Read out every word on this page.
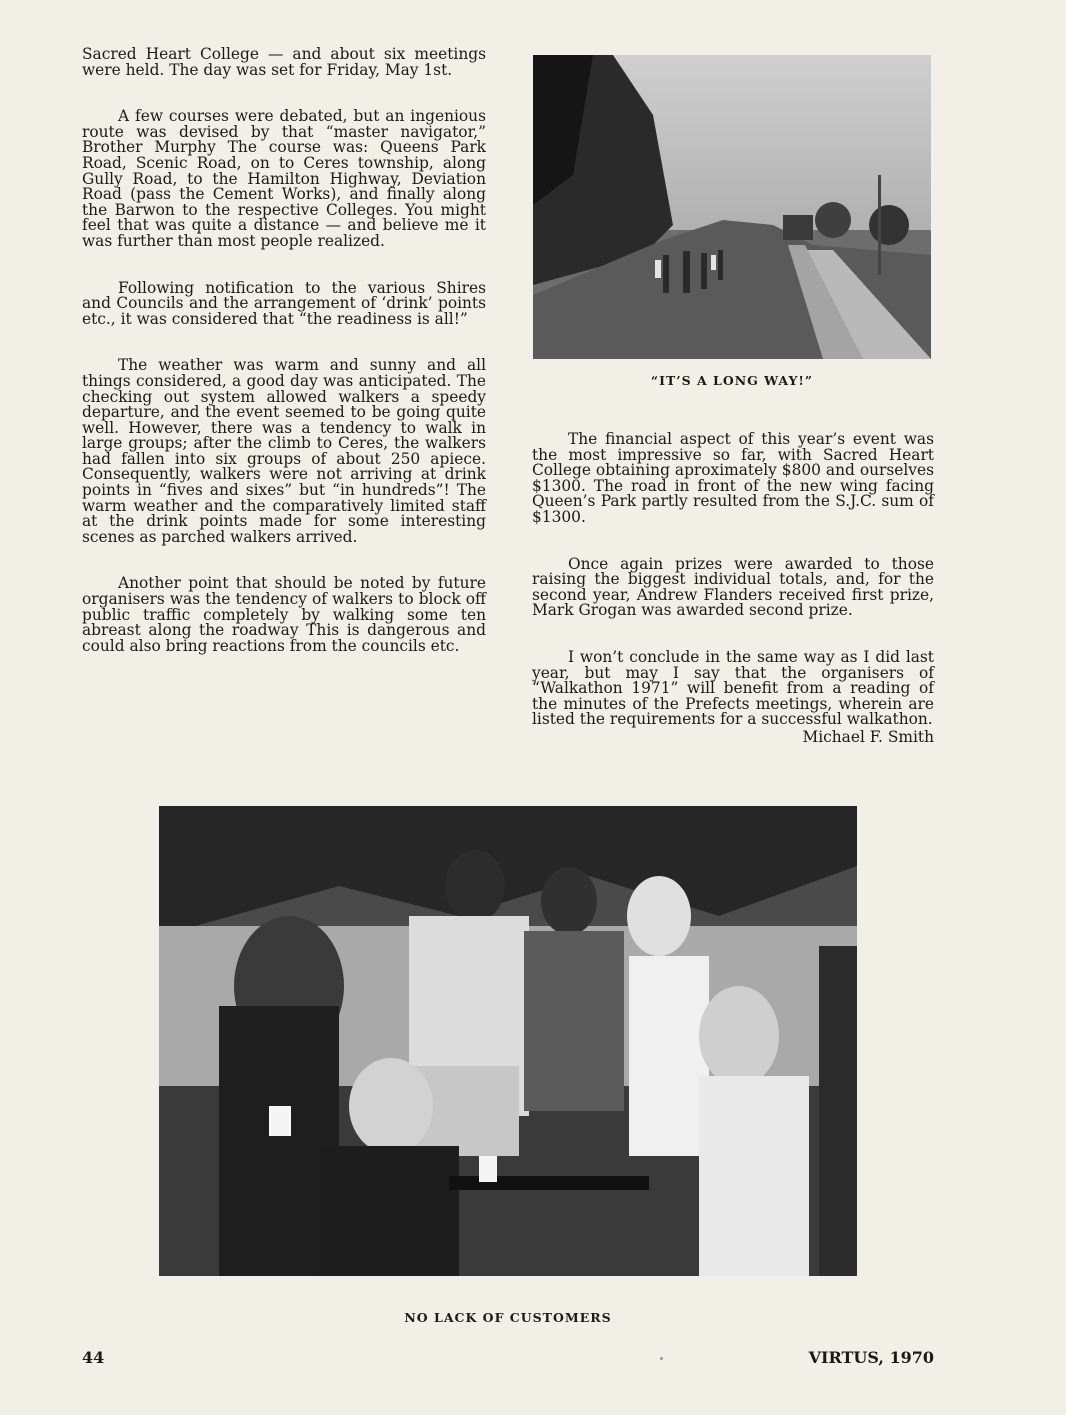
Sacred Heart College — and about six meetings were held. The day was set for Friday, May 1st.

A few courses were debated, but an ingenious route was devised by that “master navigator,” Brother Murphy The course was: Queens Park Road, Scenic Road, on to Ceres township, along Gully Road, to the Hamilton Highway, Deviation Road (pass the Cement Works), and finally along the Barwon to the respective Colleges. You might feel that was quite a distance — and believe me it was further than most people realized.

Following notification to the various Shires and Councils and the arrangement of ‘drink’ points etc., it was considered that “the readiness is all!”

The weather was warm and sunny and all things considered, a good day was anticipated. The checking out system allowed walkers a speedy departure, and the event seemed to be going quite well. However, there was a tendency to walk in large groups; after the climb to Ceres, the walkers had fallen into six groups of about 250 apiece. Consequently, walkers were not arriving at drink points in “fives and sixes” but “in hundreds”! The warm weather and the comparatively limited staff at the drink points made for some interesting scenes as parched walkers arrived.

Another point that should be noted by future organisers was the tendency of walkers to block off public traffic completely by walking some ten abreast along the roadway This is dangerous and could also bring reactions from the councils etc.

“IT’S A LONG WAY!”

The financial aspect of this year’s event was the most impressive so far, with Sacred Heart College obtaining aproximately $800 and ourselves $1300. The road in front of the new wing facing Queen’s Park partly resulted from the S.J.C. sum of $1300.

Once again prizes were awarded to those raising the biggest individual totals, and, for the second year, Andrew Flanders received first prize, Mark Grogan was awarded second prize.

I won’t conclude in the same way as I did last year, but may I say that the organisers of “Walkathon 1971” will benefit from a reading of the minutes of the Prefects meetings, wherein are listed the requirements for a successful walkathon.

Michael F. Smith

NO LACK OF CUSTOMERS
44	VIRTUS, 1970
